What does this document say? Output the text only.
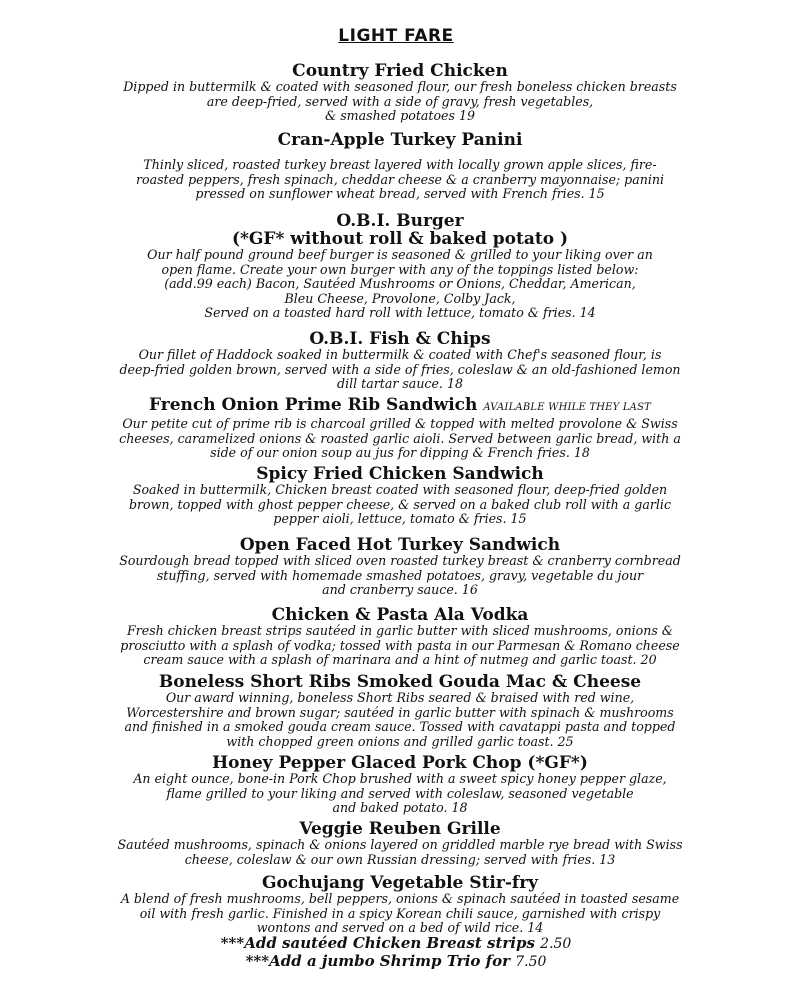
LIGHT FARE
Country Fried Chicken
Dipped in buttermilk & coated with seasoned flour, our fresh boneless chicken breasts
are deep-fried, served with a side of gravy, fresh vegetables,
& smashed potatoes 19
Cran-Apple Turkey Panini
Thinly sliced, roasted turkey breast layered with locally grown apple slices, fire-
roasted peppers, fresh spinach, cheddar cheese & a cranberry mayonnaise; panini
pressed on sunflower wheat bread, served with French fries. 15
O.B.I. Burger
(*GF* without roll & baked potato )
Our half pound ground beef burger is seasoned & grilled to your liking over an
open flame. Create your own burger with any of the toppings listed below:
(add.99 each) Bacon, Sautéed Mushrooms or Onions, Cheddar, American,
Bleu Cheese, Provolone, Colby Jack,
Served on a toasted hard roll with lettuce, tomato & fries. 14
O.B.I. Fish & Chips
Our fillet of Haddock soaked in buttermilk & coated with Chef's seasoned flour, is
deep-fried golden brown, served with a side of fries, coleslaw & an old-fashioned lemon
dill tartar sauce. 18
French Onion Prime Rib Sandwich AVAILABLE WHILE THEY LAST
Our petite cut of prime rib is charcoal grilled & topped with melted provolone & Swiss
cheeses, caramelized onions & roasted garlic aioli. Served between garlic bread, with a
side of our onion soup au jus for dipping & French fries. 18
Spicy Fried Chicken Sandwich
Soaked in buttermilk, Chicken breast coated with seasoned flour, deep-fried golden
brown, topped with ghost pepper cheese, & served on a baked club roll with a garlic
pepper aioli, lettuce, tomato & fries. 15
Open Faced Hot Turkey Sandwich
Sourdough bread topped with sliced oven roasted turkey breast & cranberry cornbread
stuffing, served with homemade smashed potatoes, gravy, vegetable du jour
and cranberry sauce. 16
Chicken & Pasta Ala Vodka
Fresh chicken breast strips sautéed in garlic butter with sliced mushrooms, onions &
prosciutto with a splash of vodka; tossed with pasta in our Parmesan & Romano cheese
cream sauce with a splash of marinara and a hint of nutmeg and garlic toast. 20
Boneless Short Ribs Smoked Gouda Mac & Cheese
Our award winning, boneless Short Ribs seared & braised with red wine,
Worcestershire and brown sugar; sautéed in garlic butter with spinach & mushrooms
and finished in a smoked gouda cream sauce. Tossed with cavatappi pasta and topped
with chopped green onions and grilled garlic toast. 25
Honey Pepper Glaced Pork Chop (*GF*)
An eight ounce, bone-in Pork Chop brushed with a sweet spicy honey pepper glaze,
flame grilled to your liking and served with coleslaw, seasoned vegetable
and baked potato. 18
Veggie Reuben Grille
Sautéed mushrooms, spinach & onions layered on griddled marble rye bread with Swiss
cheese, coleslaw & our own Russian dressing; served with fries. 13
Gochujang Vegetable Stir-fry
A blend of fresh mushrooms, bell peppers, onions & spinach sautéed in toasted sesame
oil with fresh garlic. Finished in a spicy Korean chili sauce, garnished with crispy
wontons and served on a bed of wild rice. 14
***Add sautéed Chicken Breast strips 2.50
***Add a jumbo Shrimp Trio for 7.50
